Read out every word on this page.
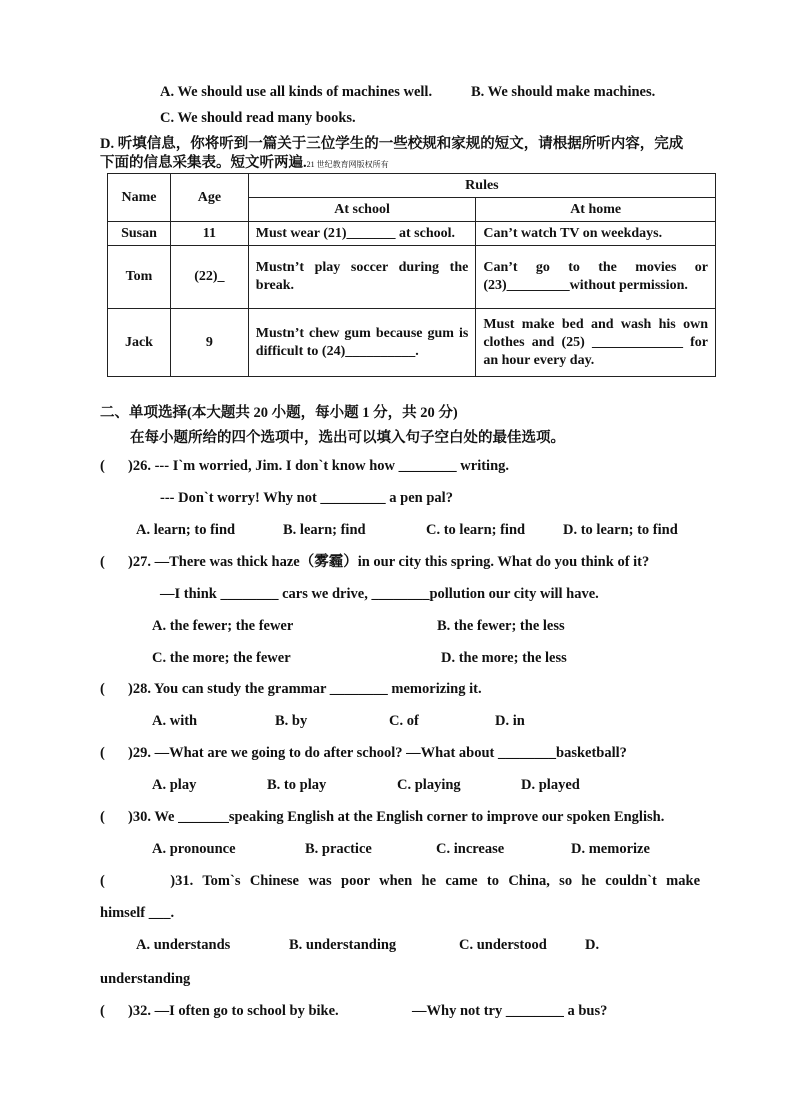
A. We should use all kinds of machines well.	B. We should make machines.
C. We should read many books.
D. 听填信息，你将听到一篇关于三位学生的一些校规和家规的短文，请根据所听内容，完成
下面的信息采集表。短文听两遍.21 世纪教育网版权所有
Name	Age	Rules	
		At school	At home
Susan	11	Must wear (21)_______ at school.	Can’t watch TV on weekdays.
Tom	(22)_	Mustn’t play soccer during the break.	Can’t go to the movies or (23)_________without permission.
Jack	9	Mustn’t chew gum because gum is difficult to (24)__________.	Must make bed and wash his own clothes and (25) _____________ for an hour every day.
二、单项选择(本大题共 20 小题，每小题 1 分，共 20 分)
在每小题所给的四个选项中，选出可以填入句子空白处的最佳选项。
( )26. --- I`m worried, Jim. I don`t know how ________ writing.
--- Don`t worry! Why not _________ a pen pal?
A. learn; to find	B. learn; find	C. to learn; find	D. to learn; to find
( )27. —There was thick haze（雾霾）in our city this spring. What do you think of it?
—I think ________ cars we drive, ________pollution our city will have.
A. the fewer; the fewer	B. the fewer; the less
C. the more; the fewer	D. the more; the less
( )28. You can study the grammar ________ memorizing it.
A. with	B. by	C. of	D. in
( )29. —What are we going to do after school? —What about ________basketball?
A. play	B. to play	C. playing	D. played
( )30. We _______speaking English at the English corner to improve our spoken English.
A. pronounce	B. practice	C. increase	D. memorize
(	)31. Tom`s Chinese was poor when he came to China, so he couldn`t make
himself ___.
A. understands	B. understanding	C. understood	D.
understanding
( )32. —I often go to school by bike.	—Why not try ________ a bus?
